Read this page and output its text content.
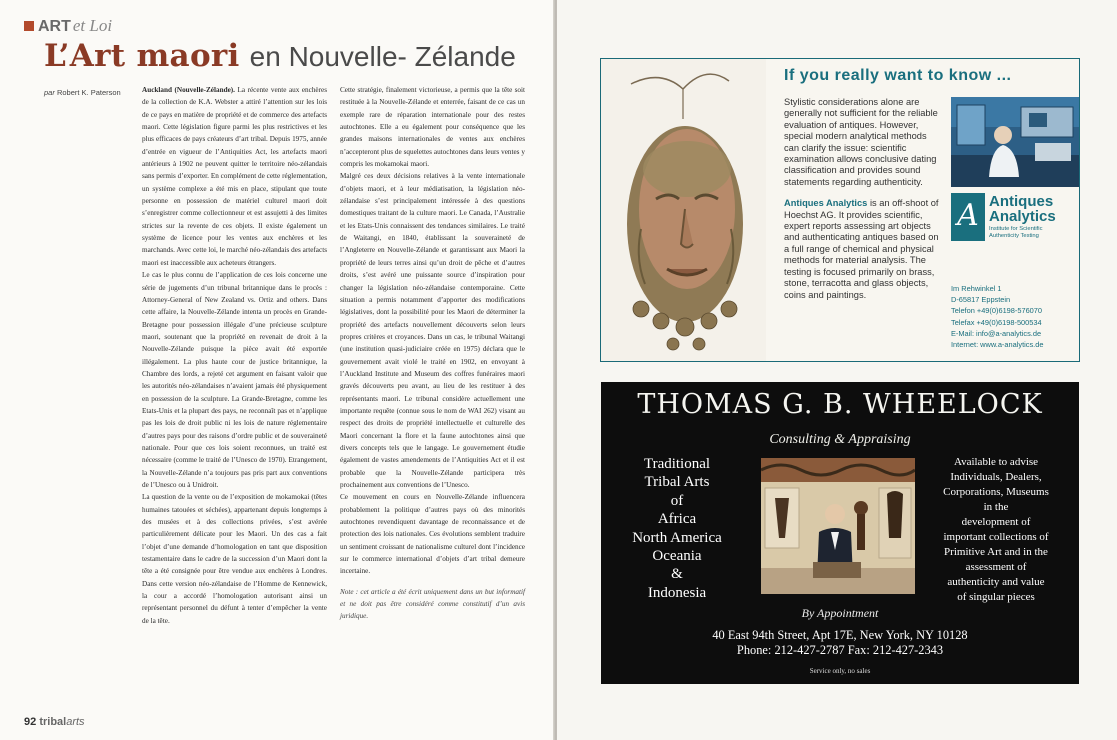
ART et Loi
L’Art maori en Nouvelle- Zélande
par Robert K. Paterson	Auckland (Nouvelle-Zélande). La récente vente aux enchères de la collection de K.A. Webster a attiré l’attention sur les lois de ce pays en matière de propriété et de commerce des artefacts maori. Cette législation figure parmi les plus restrictives et les plus efficaces de pays créateurs d’art tribal. Depuis 1975, année d’entrée en vigueur de l’Antiquities Act, les artefacts maori antérieurs à 1902 ne peuvent quitter le territoire néo-zélandais sans permis d’exporter. En complément de cette réglementation, un système complexe a été mis en place, stipulant que toute personne en possession de matériel culturel maori doit s’enregistrer comme collectionneur et est assujetti à des limites strictes sur la revente de ces objets. Il existe également un système de licence pour les ventes aux enchères et les marchands. Avec cette loi, le marché néo-zélandais des artefacts maori est inaccessible aux acheteurs étrangers.

Le cas le plus connu de l’application de ces lois concerne une série de jugements d’un tribunal britannique dans le procès : Attorney-General of New Zealand vs. Ortiz and others. Dans cette affaire, la Nouvelle-Zélande intenta un procès en Grande-Bretagne pour possession illégale d’une précieuse sculpture maori, soutenant que la propriété en revenait de droit à la Nouvelle-Zélande puisque la pièce avait été exportée illégalement. La plus haute cour de justice britannique, la Chambre des lords, a rejeté cet argument en faisant valoir que les autorités néo-zélandaises n’avaient jamais été physiquement en possession de la sculpture. La Grande-Bretagne, comme les Etats-Unis et la plupart des pays, ne reconnaît pas et n’applique pas les lois de droit public ni les lois de nature réglementaire d’autres pays pour des raisons d’ordre public et de souveraineté nationale. Pour que ces lois soient reconnues, un traité est nécessaire (comme le traité de l’Unesco de 1970). Etrangement, la Nouvelle-Zélande n’a toujours pas pris part aux conventions de l’Unesco ou à Unidroit.

La question de la vente ou de l’exposition de mokamokai (têtes humaines tatouées et séchées), appartenant depuis longtemps à des musées et à des collections privées, s’est avérée particulièrement délicate pour les Maori. Un des cas a fait l’objet d’une demande d’homologation en tant que disposition testamentaire dans le cadre de la succession d’un Maori dont la tête a été consignée pour être vendue aux enchères à Londres. Dans cette version néo-zélandaise de l’Homme de Kennewick, la cour a accordé l’homologation autorisant ainsi un représentant personnel du défunt à tenter d’empêcher la vente de la tête.

Cette stratégie, finalement victorieuse, a permis que la tête soit restituée à la Nouvelle-Zélande et enterrée, faisant de ce cas un exemple rare de réparation internationale pour des restes autochtones. Elle a eu également pour conséquence que les grandes maisons internationales de ventes aux enchères n’accepteront plus de squelettes autochtones dans leurs ventes y compris les mokamokai maori.

Malgré ces deux décisions relatives à la vente internationale d’objets maori, et à leur médiatisation, la législation néo-zélandaise s’est principalement intéressée à des questions domestiques traitant de la culture maori. Le Canada, l’Australie et les Etats-Unis connaissent des tendances similaires. Le traité de Waitangi, en 1840, établissant la souveraineté de l’Angleterre en Nouvelle-Zélande et garantissant aux Maori la propriété de leurs terres ainsi qu’un droit de pêche et d’autres droits, s’est avéré une puissante source d’inspiration pour changer la législation néo-zélandaise contemporaine. Cette situation a permis notamment d’apporter des modifications législatives, dont la possibilité pour les Maori de déterminer la propriété des artefacts nouvellement découverts selon leurs propres critères et croyances. Dans un cas, le tribunal Waitangi (une institution quasi-judiciaire créée en 1975) déclara que le gouvernement avait violé le traité en 1902, en envoyant à l’Auckland Institute and Museum des coffres funéraires maori gravés découverts peu avant, au lieu de les restituer à des représentants maori. Le tribunal considère actuellement une importante requête (connue sous le nom de WAI 262) visant au respect des droits de propriété intellectuelle et culturelle des Maori concernant la flore et la faune autochtones ainsi que divers concepts tels que le langage. Le gouvernement étudie également de vastes amendements de l’Antiquities Act et il est probable que la Nouvelle-Zélande participera très prochainement aux conventions de l’Unesco.

Ce mouvement en cours en Nouvelle-Zélande influencera probablement la politique d’autres pays où des minorités autochtones revendiquent davantage de reconnaissance et de protection des lois nationales. Ces évolutions semblent traduire un sentiment croissant de nationalisme culturel dont l’incidence sur le commerce international d’objets d’art tribal demeure incertaine.

Note : cet article a été écrit uniquement dans un but informatif et ne doit pas être considéré comme constitutif d’un avis juridique.

92 tribalarts
If you really want to know ...

Stylistic considerations alone are generally not sufficient for the reliable evaluation of antiques. However, special modern analytical methods can clarify the issue: scientific examination allows conclusive dating classification and provides sound statements regarding authenticity.

Antiques Analytics is an off-shoot of Hoechst AG. It provides scientific, expert reports assessing art objects and authenticating antiques based on a full range of chemical and physical methods for material analysis. The testing is focused primarily on brass, stone, terracotta and glass objects, coins and paintings.

A Antiques
Analytics
Institute for Scientific
Authenticity Testing
Im Rehwinkel 1
D-65817 Eppstein
Telefon +49(0)6198-576070
Telefax +49(0)6198-500534
E-Mail: info@a-analytics.de
Internet: www.a-analytics.de
THOMAS G. B. WHEELOCK
Consulting & Appraising
Traditional
Tribal Arts
of
Africa
North America
Oceania
&
Indonesia
Available to advise
Individuals, Dealers,
Corporations, Museums
in the
development of
important collections of
Primitive Art and in the
assessment of
authenticity and value
of singular pieces
By Appointment
40 East 94th Street, Apt 17E, New York, NY 10128
Phone: 212-427-2787 Fax: 212-427-2343
Service only, no sales
